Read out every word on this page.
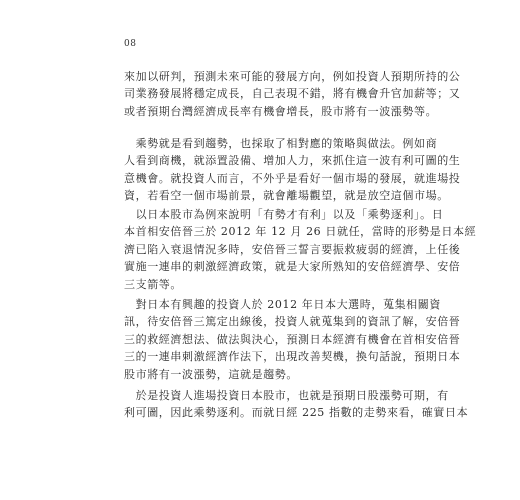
08
來加以研判，預測未來可能的發展方向，例如投資人預期所持的公
司業務發展將穩定成長，自己表現不錯，將有機會升官加薪等；又
或者預期台灣經濟成長率有機會增長，股市將有一波漲勢等。
　乘勢就是看到趨勢，也採取了相對應的策略與做法。例如商
人看到商機，就添置設備、增加人力，來抓住這一波有利可圖的生
意機會。就投資人而言，不外乎是看好一個市場的發展，就進場投
資，若看空一個市場前景，就會離場觀望，就是放空這個市場。
　以日本股市為例來說明「有勢才有利」以及「乘勢逐利」。日
本首相安倍晉三於 2012 年 12 月 26 日就任，當時的形勢是日本經
濟已陷入衰退情況多時，安倍晉三誓言要振救疲弱的經濟，上任後
實施一連串的刺激經濟政策，就是大家所熟知的安倍經濟學、安倍
三支箭等。
　對日本有興趣的投資人於 2012 年日本大選時，蒐集相關資
訊，待安倍晉三篤定出線後，投資人就蒐集到的資訊了解，安倍晉
三的救經濟想法、做法與決心，預測日本經濟有機會在首相安倍晉
三的一連串刺激經濟作法下，出現改善契機，換句話說，預期日本
股市將有一波漲勢，這就是趨勢。
　於是投資人進場投資日本股市，也就是預期日股漲勢可期，有
利可圖，因此乘勢逐利。而就日經 225 指數的走勢來看，確實日本
